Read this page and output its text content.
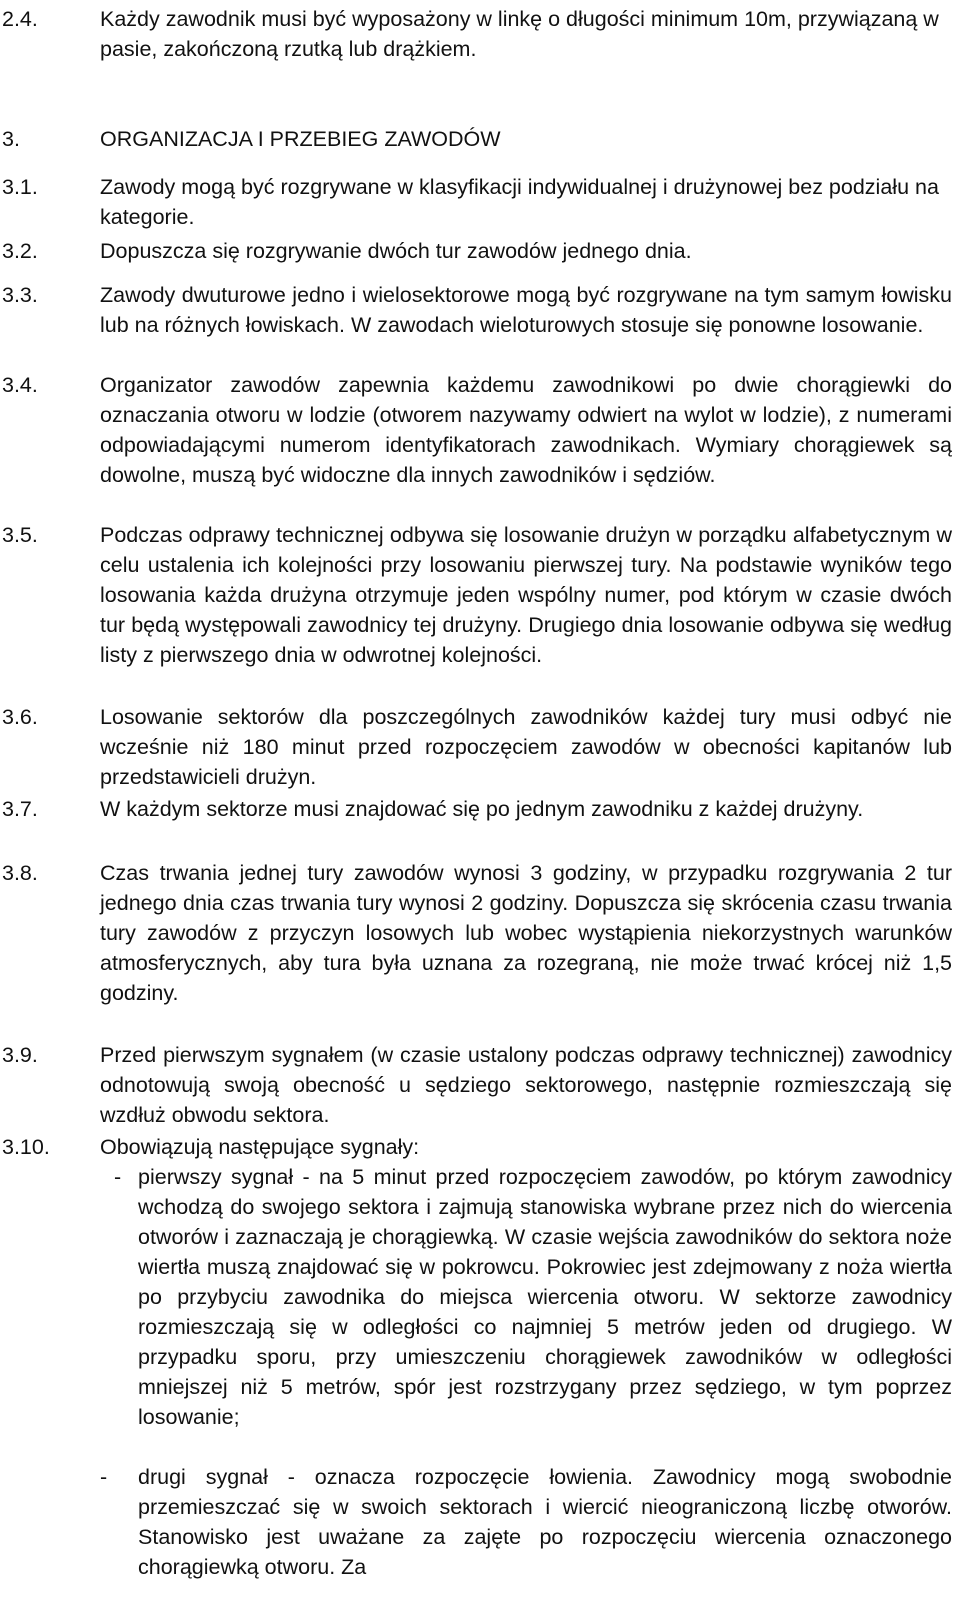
2.4.	Każdy zawodnik musi być wyposażony w linkę o długości minimum 10m, przywiązaną w pasie, zakończoną rzutką lub drążkiem.
3.	ORGANIZACJA I PRZEBIEG ZAWODÓW
3.1.	Zawody mogą być rozgrywane w klasyfikacji indywidualnej i drużynowej bez podziału na kategorie.
3.2.	Dopuszcza się rozgrywanie dwóch tur zawodów jednego dnia.
3.3.	Zawody dwuturowe jedno i wielosektorowe mogą być rozgrywane na tym samym łowisku lub na różnych łowiskach. W zawodach wieloturowych stosuje się ponowne losowanie.
3.4.	Organizator zawodów zapewnia każdemu zawodnikowi po dwie chorągiewki do oznaczania otworu w lodzie (otworem nazywamy odwiert na wylot w lodzie), z numerami odpowiadającymi numerom identyfikatorach zawodnikach. Wymiary chorągiewek są dowolne, muszą być widoczne dla innych zawodników i sędziów.
3.5.	Podczas odprawy technicznej odbywa się losowanie drużyn w porządku alfabetycznym w celu ustalenia ich kolejności przy losowaniu pierwszej tury. Na podstawie wyników tego losowania każda drużyna otrzymuje jeden wspólny numer, pod którym w czasie dwóch tur będą występowali zawodnicy tej drużyny. Drugiego dnia losowanie odbywa się według listy z pierwszego dnia w odwrotnej kolejności.
3.6.	Losowanie sektorów dla poszczególnych zawodników każdej tury musi odbyć nie wcześnie niż 180 minut przed rozpoczęciem zawodów w obecności kapitanów lub przedstawicieli drużyn.
3.7.	W każdym sektorze musi znajdować się po jednym zawodniku z każdej drużyny.
3.8.	Czas trwania jednej tury zawodów wynosi 3 godziny, w przypadku rozgrywania 2 tur jednego dnia czas trwania tury wynosi 2 godziny. Dopuszcza się skrócenia czasu trwania tury zawodów z przyczyn losowych lub wobec wystąpienia niekorzystnych warunków atmosferycznych, aby tura była uznana za rozegraną, nie może trwać krócej niż 1,5 godziny.
3.9.	Przed pierwszym sygnałem (w czasie ustalony podczas odprawy technicznej) zawodnicy odnotowują swoją obecność u sędziego sektorowego, następnie rozmieszczają się wzdłuż obwodu sektora.
3.10. Obowiązują następujące sygnały:
- pierwszy sygnał - na 5 minut przed rozpoczęciem zawodów, po którym zawodnicy wchodzą do swojego sektora i zajmują stanowiska wybrane przez nich do wiercenia otworów i zaznaczają je chorągiewką. W czasie wejścia zawodników do sektora noże wiertła muszą znajdować się w pokrowcu. Pokrowiec jest zdejmowany z noża wiertła po przybyciu zawodnika do miejsca wiercenia otworu. W sektorze zawodnicy rozmieszczają się w odległości co najmniej 5 metrów jeden od drugiego. W przypadku sporu, przy umieszczeniu chorągiewek zawodników w odległości mniejszej niż 5 metrów, spór jest rozstrzygany przez sędziego, w tym poprzez losowanie;
- drugi sygnał - oznacza rozpoczęcie łowienia. Zawodnicy mogą swobodnie przemieszczać się w swoich sektorach i wiercić nieograniczoną liczbę otworów. Stanowisko jest uważane za zajęte po rozpoczęciu wiercenia oznaczonego chorągiewką otworu. Za
